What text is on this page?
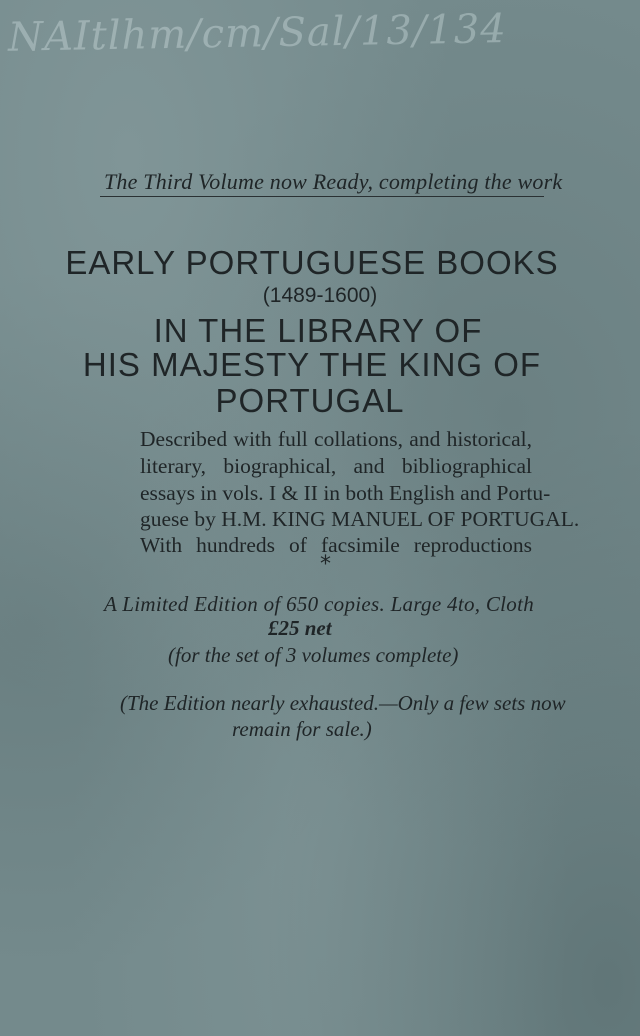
NAItlhm/cm/Sal/13/134
The Third Volume now Ready, completing the work
EARLY PORTUGUESE BOOKS
(1489-1600)
IN THE LIBRARY OF
HIS MAJESTY THE KING OF
PORTUGAL
Described with full collations, and historical,
literary, biographical, and bibliographical
essays in vols. I & II in both English and Portu-
guese by H.M. KING MANUEL OF PORTUGAL.
With hundreds of facsimile reproductions
*
A Limited Edition of 650 copies. Large 4to, Cloth
£25 net
(for the set of 3 volumes complete)
(The Edition nearly exhausted.—Only a few sets now
remain for sale.)
